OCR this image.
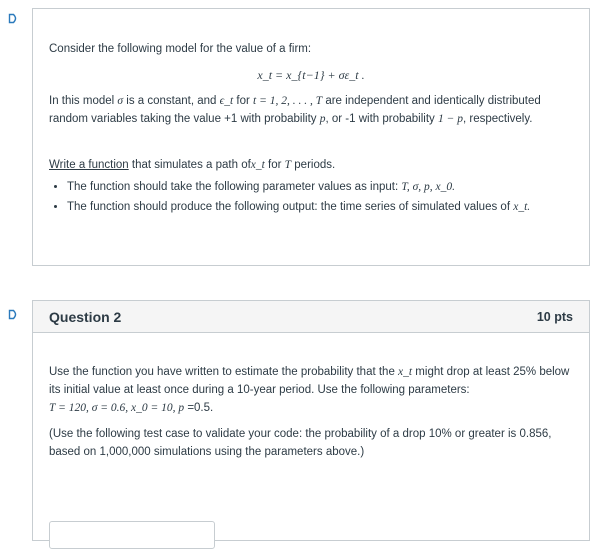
Consider the following model for the value of a firm:

x_t = x_{t−1} + σε_t .

In this model σ is a constant, and ϵ_t for t = 1, 2, . . . , T are independent and identically distributed random variables taking the value +1 with probability p, or -1 with probability 1 − p, respectively.

Write a function that simulates a path ofx_t for T periods.

• The function should take the following parameter values as input: T, σ, p, x_0.
• The function should produce the following output: the time series of simulated values of x_t.
Question 2	10 pts

Use the function you have written to estimate the probability that the x_t might drop at least 25% below its initial value at least once during a 10-year period. Use the following parameters:
T = 120, σ = 0.6, x_0 = 10, p =0.5.

(Use the following test case to validate your code: the probability of a drop 10% or greater is 0.856, based on 1,000,000 simulations using the parameters above.)
